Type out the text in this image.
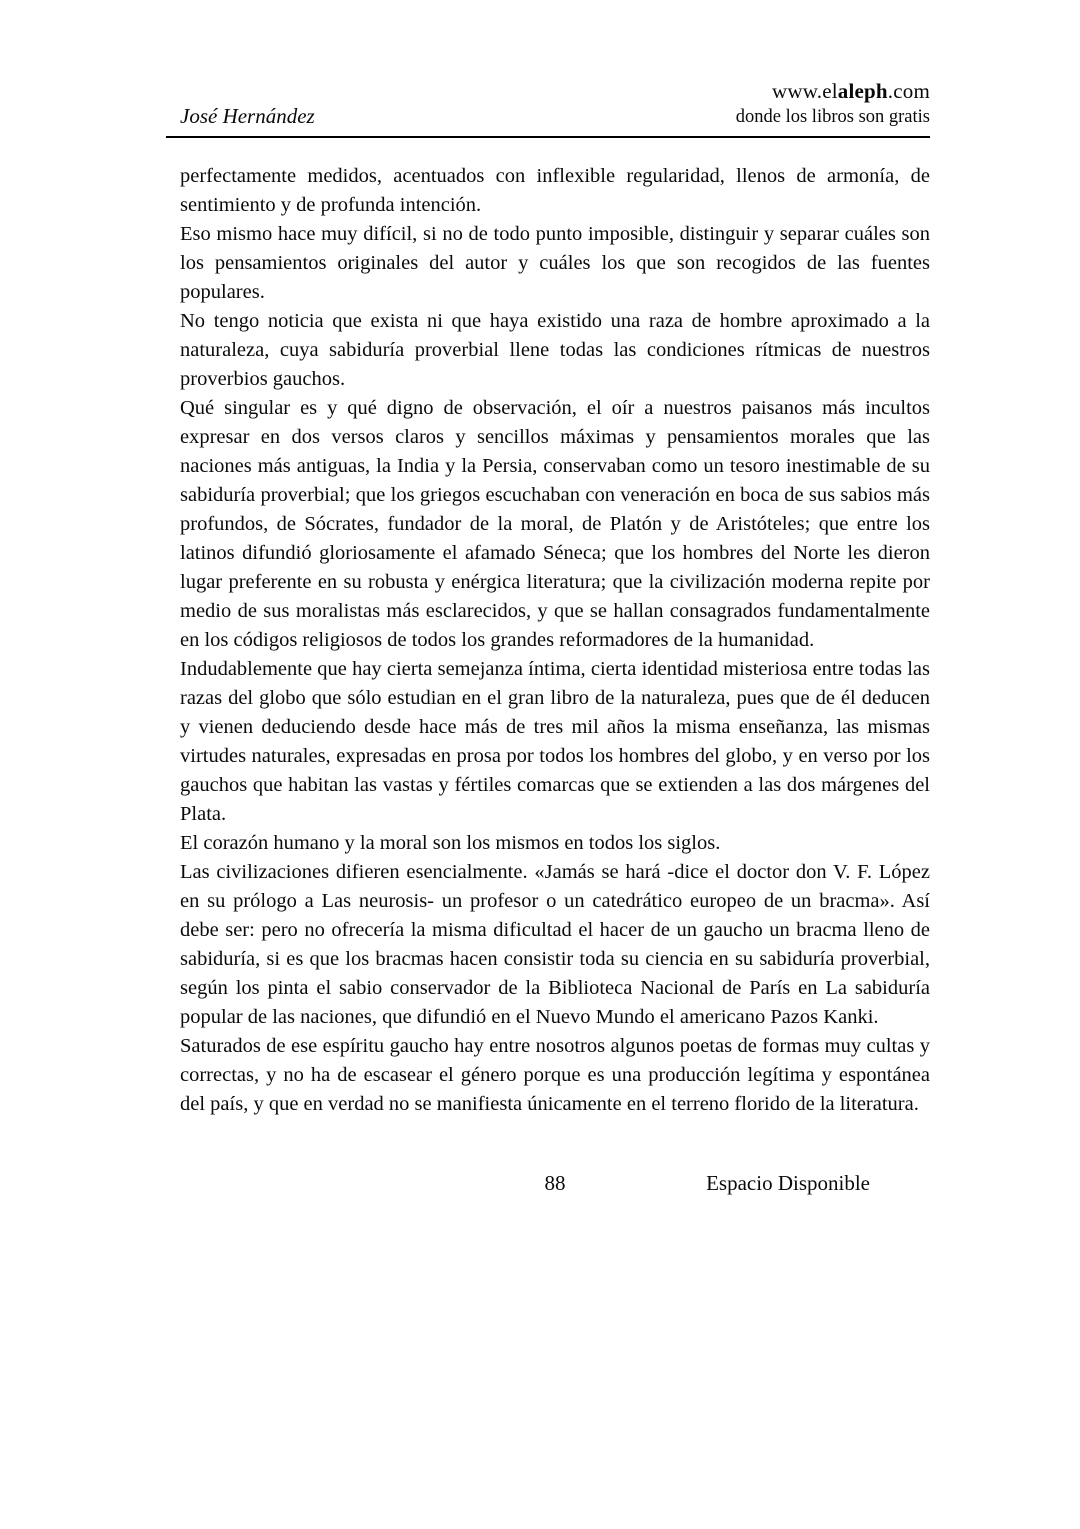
José Hernández
www.elaleph.com
donde los libros son gratis

perfectamente medidos, acentuados con inflexible regularidad, llenos de armonía, de sentimiento y de profunda intención.

Eso mismo hace muy difícil, si no de todo punto imposible, distinguir y separar cuáles son los pensamientos originales del autor y cuáles los que son recogidos de las fuentes populares.

No tengo noticia que exista ni que haya existido una raza de hombre aproximado a la naturaleza, cuya sabiduría proverbial llene todas las condiciones rítmicas de nuestros proverbios gauchos.

Qué singular es y qué digno de observación, el oír a nuestros paisanos más incultos expresar en dos versos claros y sencillos máximas y pensamientos morales que las naciones más antiguas, la India y la Persia, conservaban como un tesoro inestimable de su sabiduría proverbial; que los griegos escuchaban con veneración en boca de sus sabios más profundos, de Sócrates, fundador de la moral, de Platón y de Aristóteles; que entre los latinos difundió gloriosamente el afamado Séneca; que los hombres del Norte les dieron lugar preferente en su robusta y enérgica literatura; que la civilización moderna repite por medio de sus moralistas más esclarecidos, y que se hallan consagrados fundamentalmente en los códigos religiosos de todos los grandes reformadores de la humanidad.

Indudablemente que hay cierta semejanza íntima, cierta identidad misteriosa entre todas las razas del globo que sólo estudian en el gran libro de la naturaleza, pues que de él deducen y vienen deduciendo desde hace más de tres mil años la misma enseñanza, las mismas virtudes naturales, expresadas en prosa por todos los hombres del globo, y en verso por los gauchos que habitan las vastas y fértiles comarcas que se extienden a las dos márgenes del Plata.

El corazón humano y la moral son los mismos en todos los siglos.

Las civilizaciones difieren esencialmente. «Jamás se hará -dice el doctor don V. F. López en su prólogo a Las neurosis- un profesor o un catedrático europeo de un bracma». Así debe ser: pero no ofrecería la misma dificultad el hacer de un gaucho un bracma lleno de sabiduría, si es que los bracmas hacen consistir toda su ciencia en su sabiduría proverbial, según los pinta el sabio conservador de la Biblioteca Nacional de París en La sabiduría popular de las naciones, que difundió en el Nuevo Mundo el americano Pazos Kanki.

Saturados de ese espíritu gaucho hay entre nosotros algunos poetas de formas muy cultas y correctas, y no ha de escasear el género porque es una producción legítima y espontánea del país, y que en verdad no se manifiesta únicamente en el terreno florido de la literatura.

88	Espacio Disponible
